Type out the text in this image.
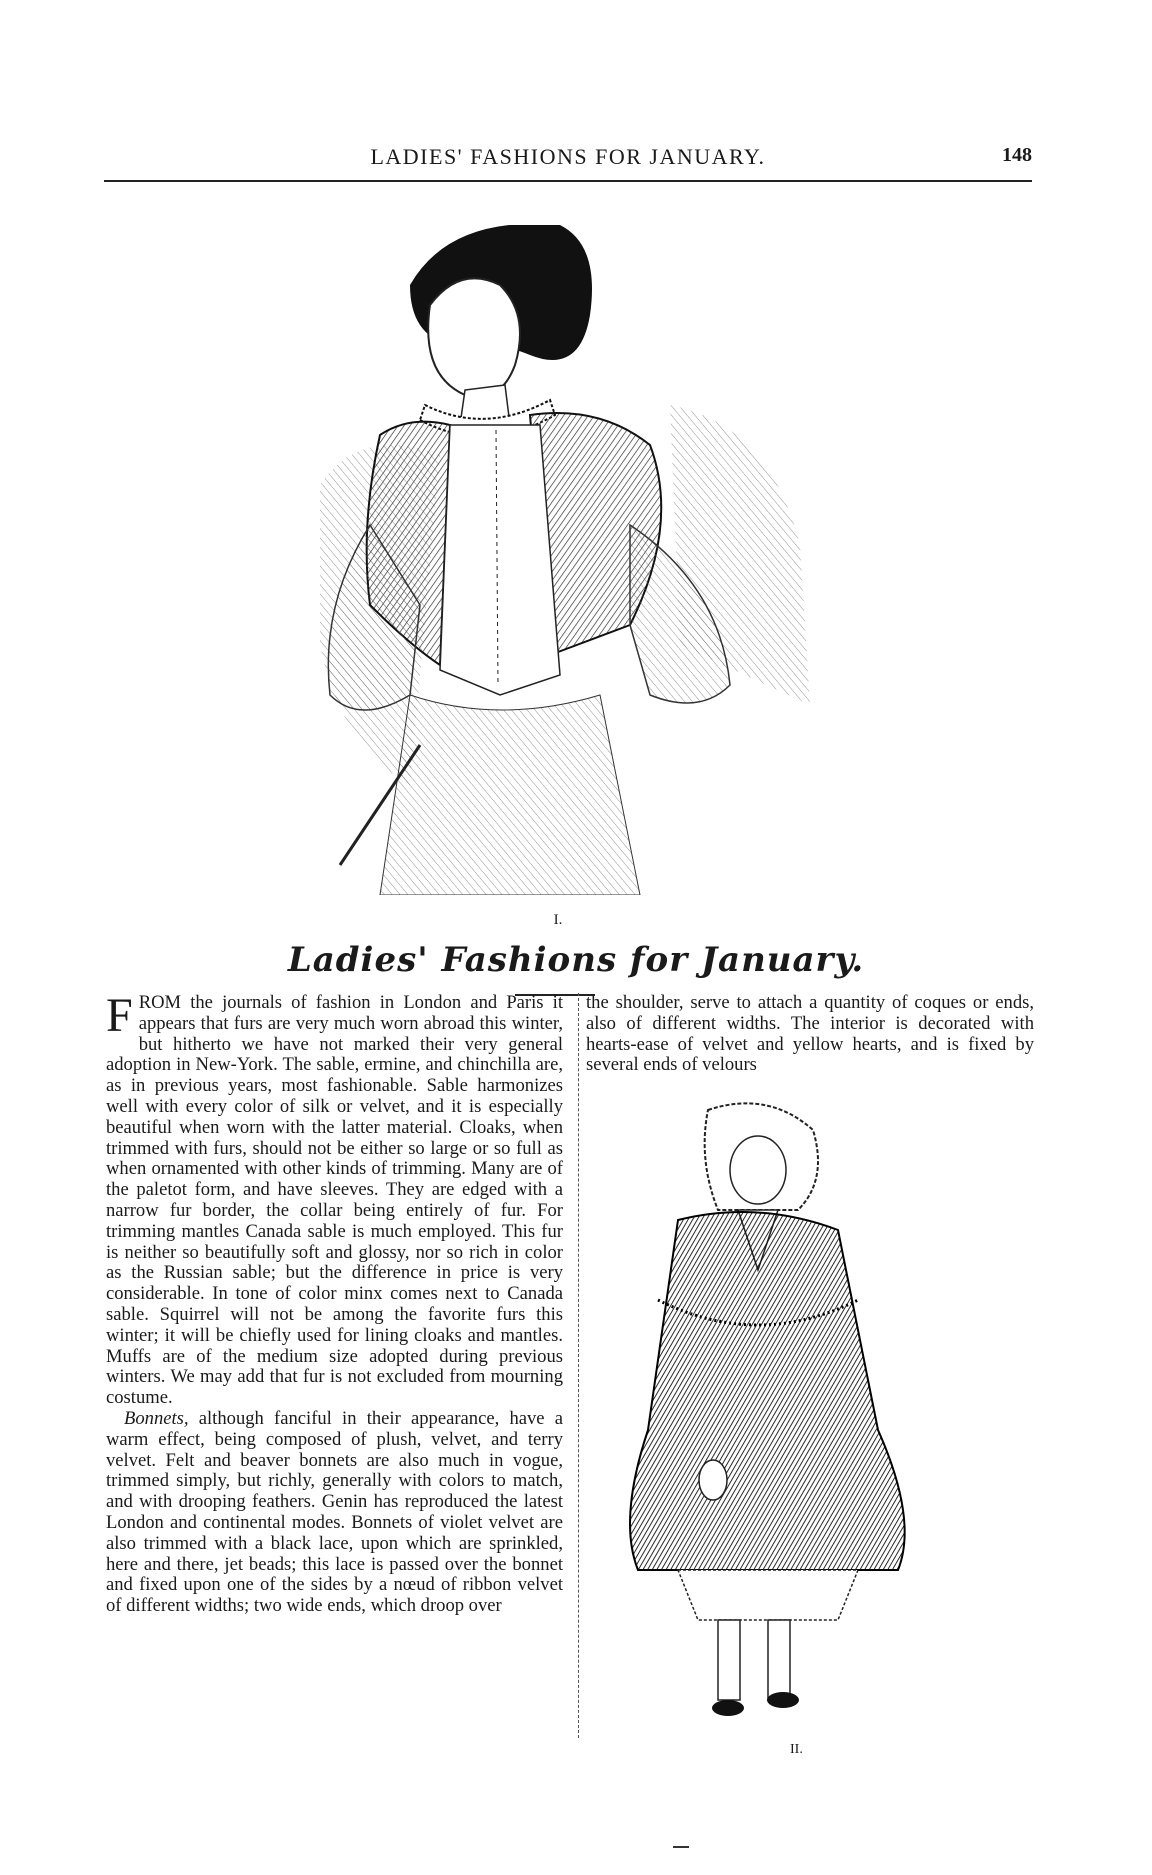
LADIES' FASHIONS FOR JANUARY.	148
I.
Ladies' Fashions for January.

FROM the journals of fashion in London and Paris it appears that furs are very much worn abroad this winter, but hitherto we have not marked their very general adoption in New-York. The sable, ermine, and chinchilla are, as in previous years, most fashionable. Sable harmonizes well with every color of silk or velvet, and it is especially beautiful when worn with the latter material. Cloaks, when trimmed with furs, should not be either so large or so full as when ornamented with other kinds of trimming. Many are of the paletot form, and have sleeves. They are edged with a narrow fur border, the collar being entirely of fur. For trimming mantles Canada sable is much employed. This fur is neither so beautifully soft and glossy, nor so rich in color as the Russian sable; but the difference in price is very considerable. In tone of color minx comes next to Canada sable. Squirrel will not be among the favorite furs this winter; it will be chiefly used for lining cloaks and mantles. Muffs are of the medium size adopted during previous winters. We may add that fur is not excluded from mourning costume.

Bonnets, although fanciful in their appearance, have a warm effect, being composed of plush, velvet, and terry velvet. Felt and beaver bonnets are also much in vogue, trimmed simply, but richly, generally with colors to match, and with drooping feathers. Genin has reproduced the latest London and continental modes. Bonnets of violet velvet are also trimmed with a black lace, upon which are sprinkled, here and there, jet beads; this lace is passed over the bonnet and fixed upon one of the sides by a nœud of ribbon velvet of different widths; two wide ends, which droop over

the shoulder, serve to attach a quantity of coques or ends, also of different widths. The interior is decorated with hearts-ease of velvet and yellow hearts, and is fixed by several ends of velours

II.
